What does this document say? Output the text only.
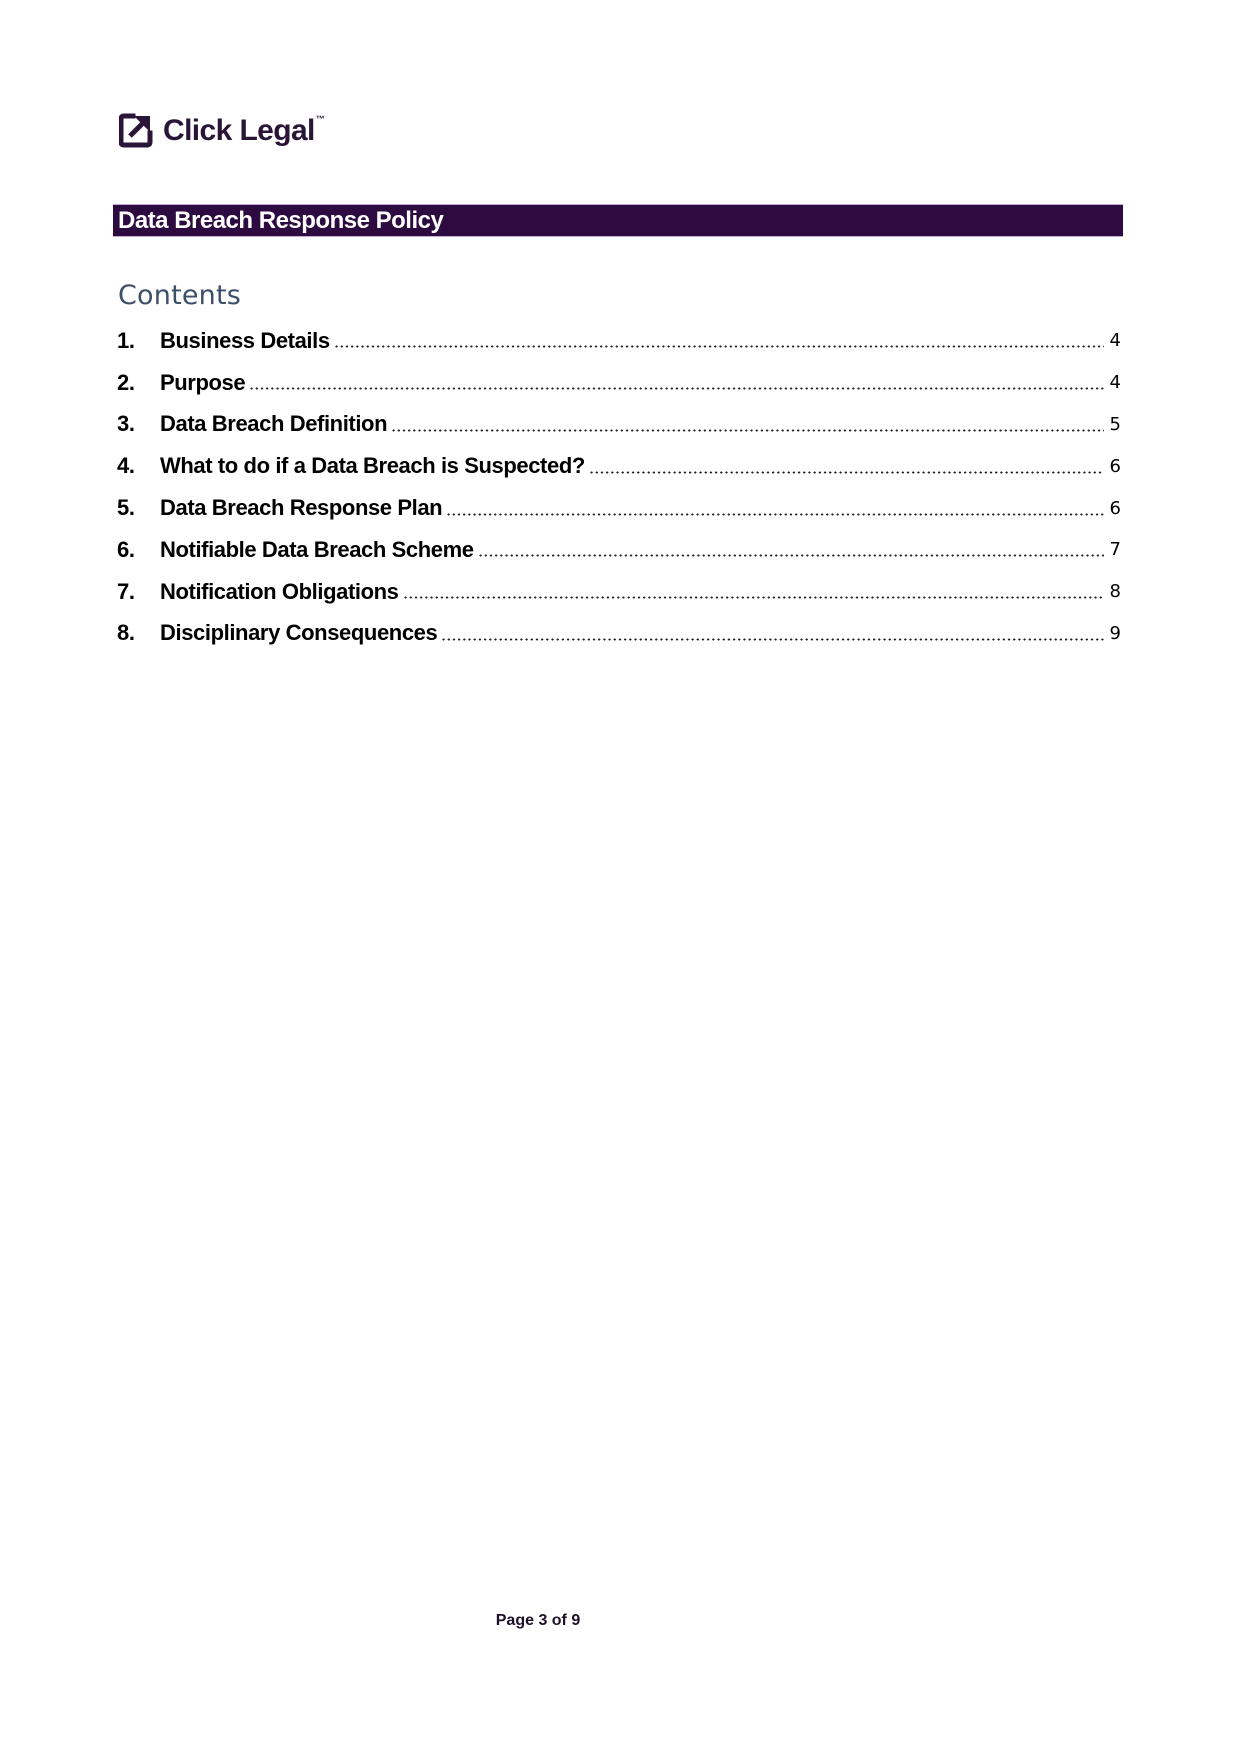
Click Legal ™
Data Breach Response Policy
Contents
1.	Business Details	4
2.	Purpose	4
3.	Data Breach Definition	5
4.	What to do if a Data Breach is Suspected?	6
5.	Data Breach Response Plan	6
6.	Notifiable Data Breach Scheme	7
7.	Notification Obligations	8
8.	Disciplinary Consequences	9
Page 3 of 9
